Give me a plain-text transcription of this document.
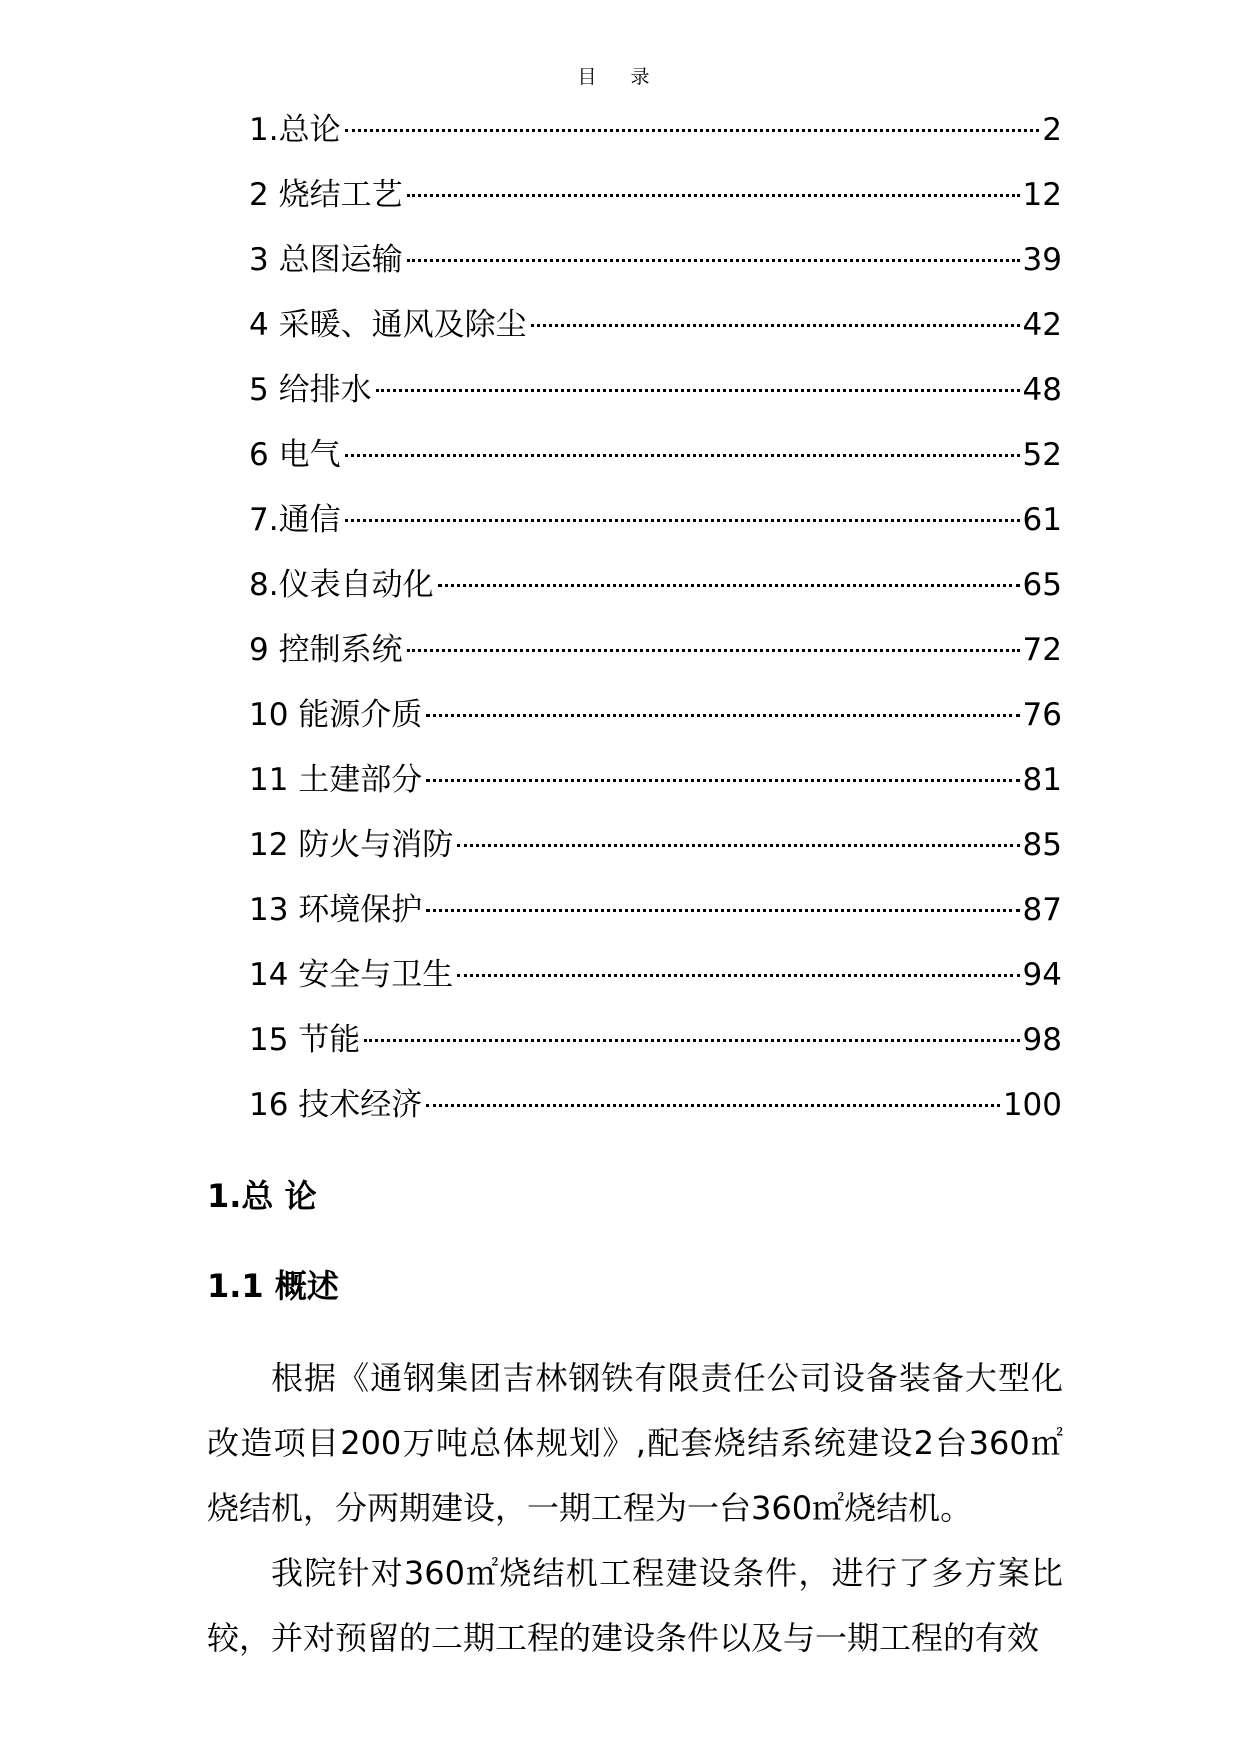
目 录
1.总论	2
2 烧结工艺	12
3 总图运输	39
4 采暖、通风及除尘	42
5 给排水	48
6 电气	52
7.通信	61
8.仪表自动化	65
9 控制系统	72
10 能源介质	76
11 土建部分	81
12 防火与消防	85
13 环境保护	87
14 安全与卫生	94
15 节能	98
16 技术经济	100
1.总 论
1.1 概述

根据《通钢集团吉林钢铁有限责任公司设备装备大型化改造项目200万吨总体规划》,配套烧结系统建设2台360㎡烧结机，分两期建设，一期工程为一台360㎡烧结机。

我院针对360㎡烧结机工程建设条件，进行了多方案比较，并对预留的二期工程的建设条件以及与一期工程的有效
